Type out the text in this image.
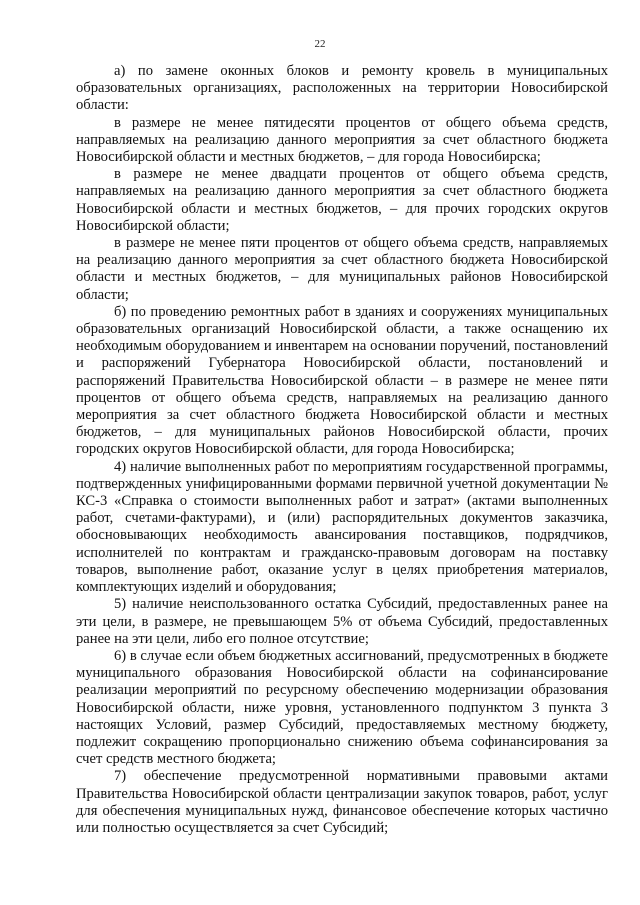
22

а) по замене оконных блоков и ремонту кровель в муниципальных образовательных организациях, расположенных на территории Новосибирской области:

в размере не менее пятидесяти процентов от общего объема средств, направляемых на реализацию данного мероприятия за счет областного бюджета Новосибирской области и местных бюджетов, – для города Новосибирска;

в размере не менее двадцати процентов от общего объема средств, направляемых на реализацию данного мероприятия за счет областного бюджета Новосибирской области и местных бюджетов, – для прочих городских округов Новосибирской области;

в размере не менее пяти процентов от общего объема средств, направляемых на реализацию данного мероприятия за счет областного бюджета Новосибирской области и местных бюджетов, – для муниципальных районов Новосибирской области;

б) по проведению ремонтных работ в зданиях и сооружениях муниципальных образовательных организаций Новосибирской области, а также оснащению их необходимым оборудованием и инвентарем на основании поручений, постановлений и распоряжений Губернатора Новосибирской области, постановлений и распоряжений Правительства Новосибирской области – в размере не менее пяти процентов от общего объема средств, направляемых на реализацию данного мероприятия за счет областного бюджета Новосибирской области и местных бюджетов, – для муниципальных районов Новосибирской области, прочих городских округов Новосибирской области, для города Новосибирска;

4) наличие выполненных работ по мероприятиям государственной программы, подтвержденных унифицированными формами первичной учетной документации № КС-3 «Справка о стоимости выполненных работ и затрат» (актами выполненных работ, счетами-фактурами), и (или) распорядительных документов заказчика, обосновывающих необходимость авансирования поставщиков, подрядчиков, исполнителей по контрактам и гражданско-правовым договорам на поставку товаров, выполнение работ, оказание услуг в целях приобретения материалов, комплектующих изделий и оборудования;

5) наличие неиспользованного остатка Субсидий, предоставленных ранее на эти цели, в размере, не превышающем 5% от объема Субсидий, предоставленных ранее на эти цели, либо его полное отсутствие;

6) в случае если объем бюджетных ассигнований, предусмотренных в бюджете муниципального образования Новосибирской области на софинансирование реализации мероприятий по ресурсному обеспечению модернизации образования Новосибирской области, ниже уровня, установленного подпунктом 3 пункта 3 настоящих Условий, размер Субсидий, предоставляемых местному бюджету, подлежит сокращению пропорционально снижению объема софинансирования за счет средств местного бюджета;

7) обеспечение предусмотренной нормативными правовыми актами Правительства Новосибирской области централизации закупок товаров, работ, услуг для обеспечения муниципальных нужд, финансовое обеспечение которых частично или полностью осуществляется за счет Субсидий;
